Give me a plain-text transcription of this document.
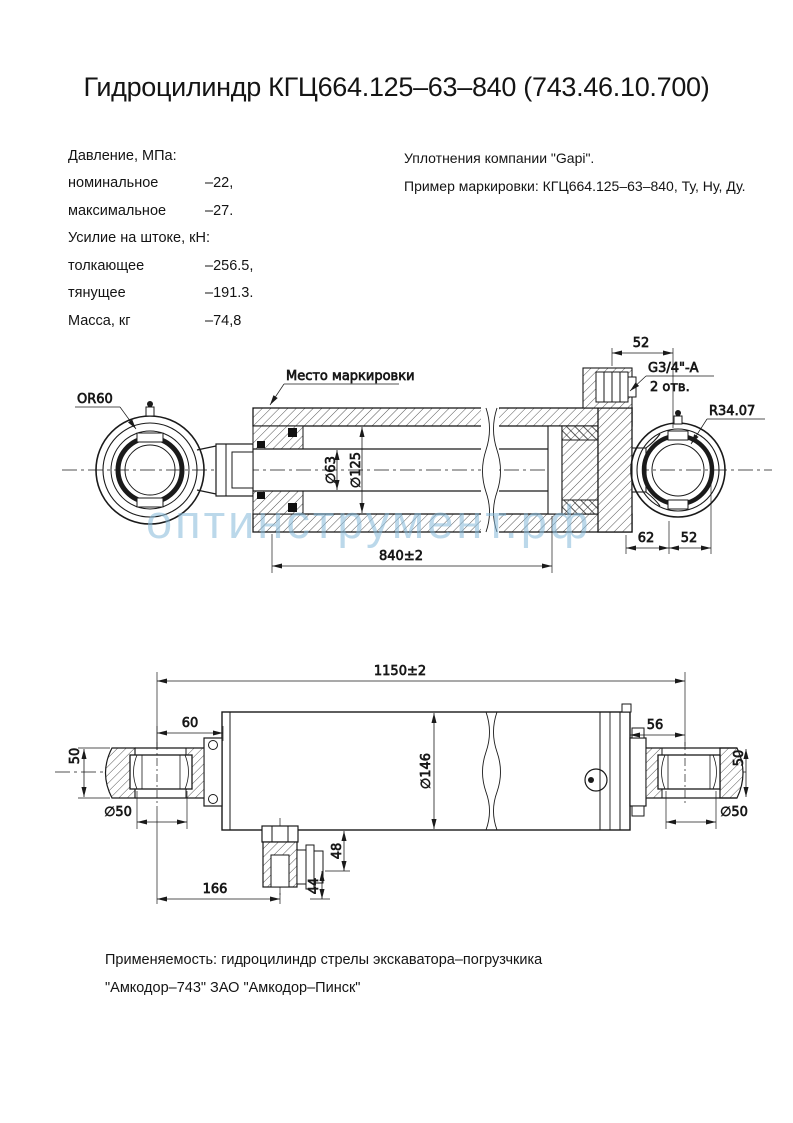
Гидроцилиндр КГЦ664.125–63–840 (743.46.10.700)
Давление, МПа:
номинальное	–22,
максимальное	–27.
Усилие на штоке, кН:
толкающее	–256.5,
тянущее	–191.3.
Масса, кг	–74,8
Уплотнения компании "Gapi".
Пример маркировки: КГЦ664.125–63–840, Ту, Ну, Ду.
52
Место маркировки
OR60
G3/4"-А
2 отв.
R34.07
∅63 ∅125
840±2
62 52
1150±2
60	56
∅146
50
∅50
50
∅50
48
44
166
оптинструмент.рф
Применяемость: гидроцилиндр стрелы экскаватора–погрузчкика
"Амкодор–743" ЗАО "Амкодор–Пинск"
